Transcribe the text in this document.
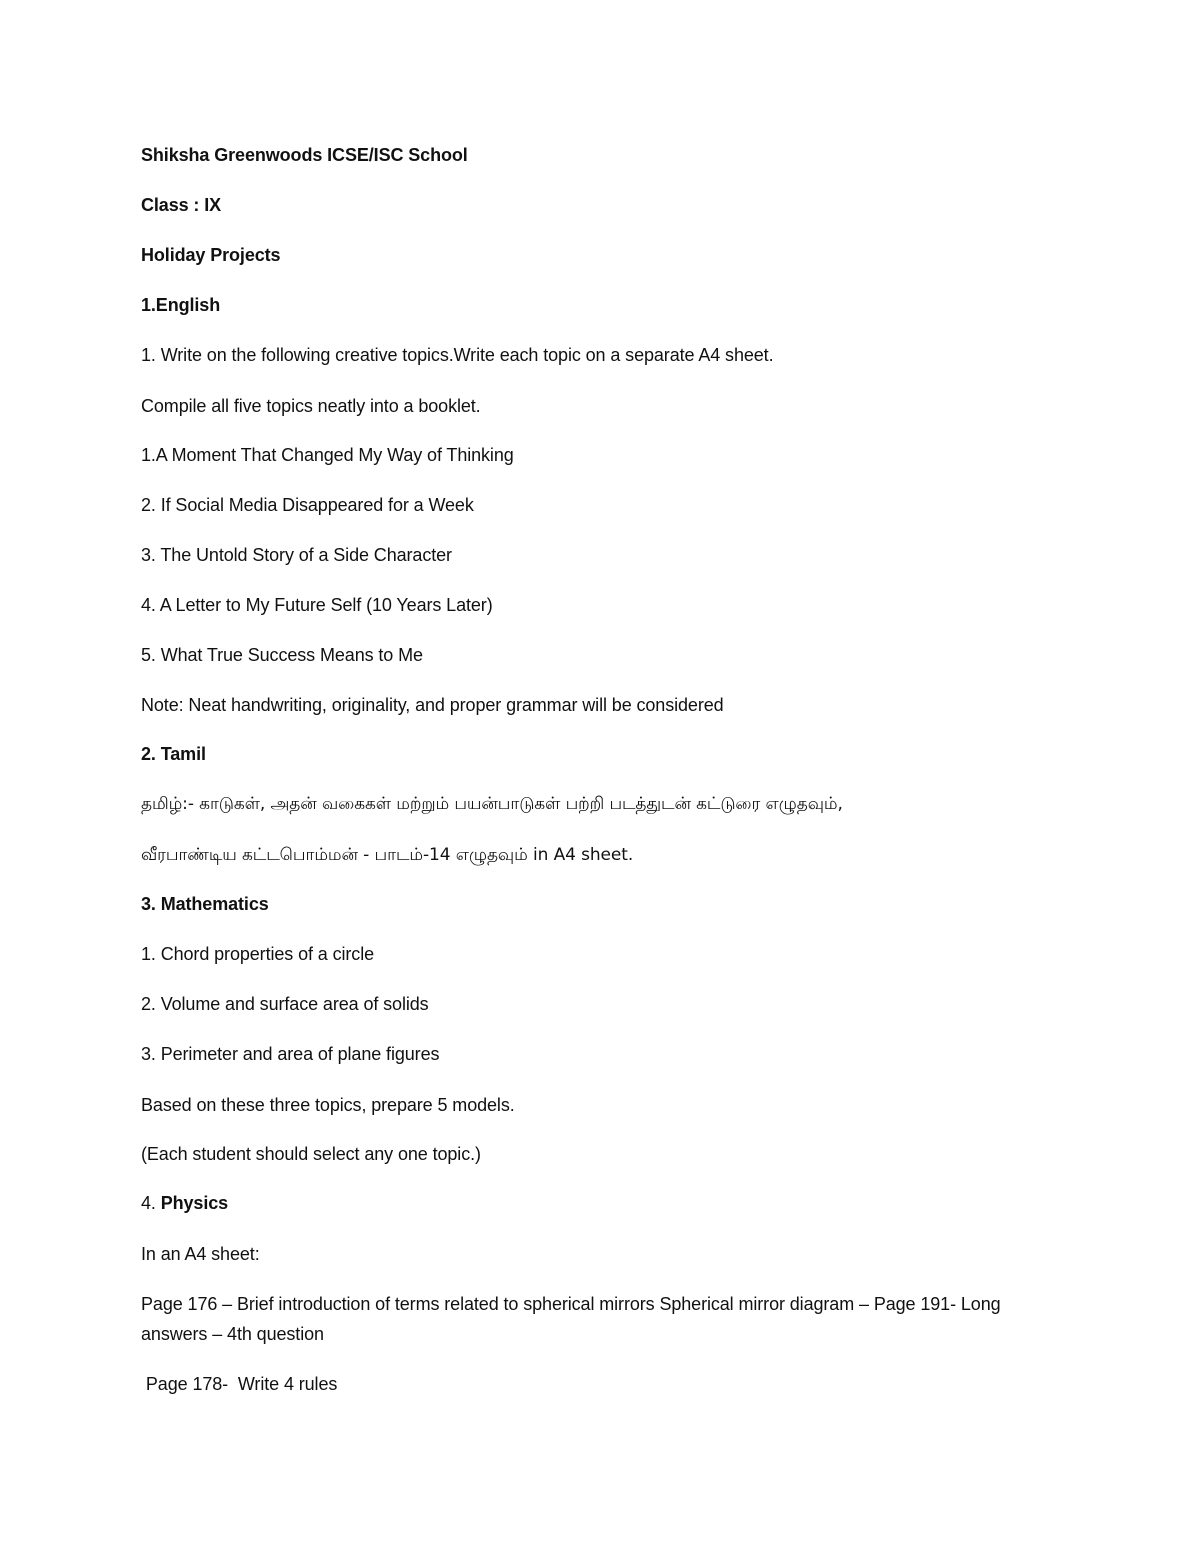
Shiksha Greenwoods ICSE/ISC School
Class : IX
Holiday Projects
1.English
1. Write on the following creative topics.Write each topic on a separate A4 sheet.
Compile all five topics neatly into a booklet.
1.A Moment That Changed My Way of Thinking
2. If Social Media Disappeared for a Week
3. The Untold Story of a Side Character
4. A Letter to My Future Self (10 Years Later)
5. What True Success Means to Me
Note: Neat handwriting, originality, and proper grammar will be considered
2. Tamil
தமிழ்:- காடுகள், அதன் வகைகள் மற்றும் பயன்பாடுகள் பற்றி படத்துடன் கட்டுரை எழுதவும்,
வீரபாண்டிய கட்டபொம்மன் - பாடம்-14 எழுதவும் in A4 sheet.
3. Mathematics
1. Chord properties of a circle
2. Volume and surface area of solids
3. Perimeter and area of plane figures
Based on these three topics, prepare 5 models.
(Each student should select any one topic.)
4. Physics
In an A4 sheet:
Page 176 – Brief introduction of terms related to spherical mirrors Spherical mirror diagram – Page 191- Long answers – 4th question
Page 178-  Write 4 rules
